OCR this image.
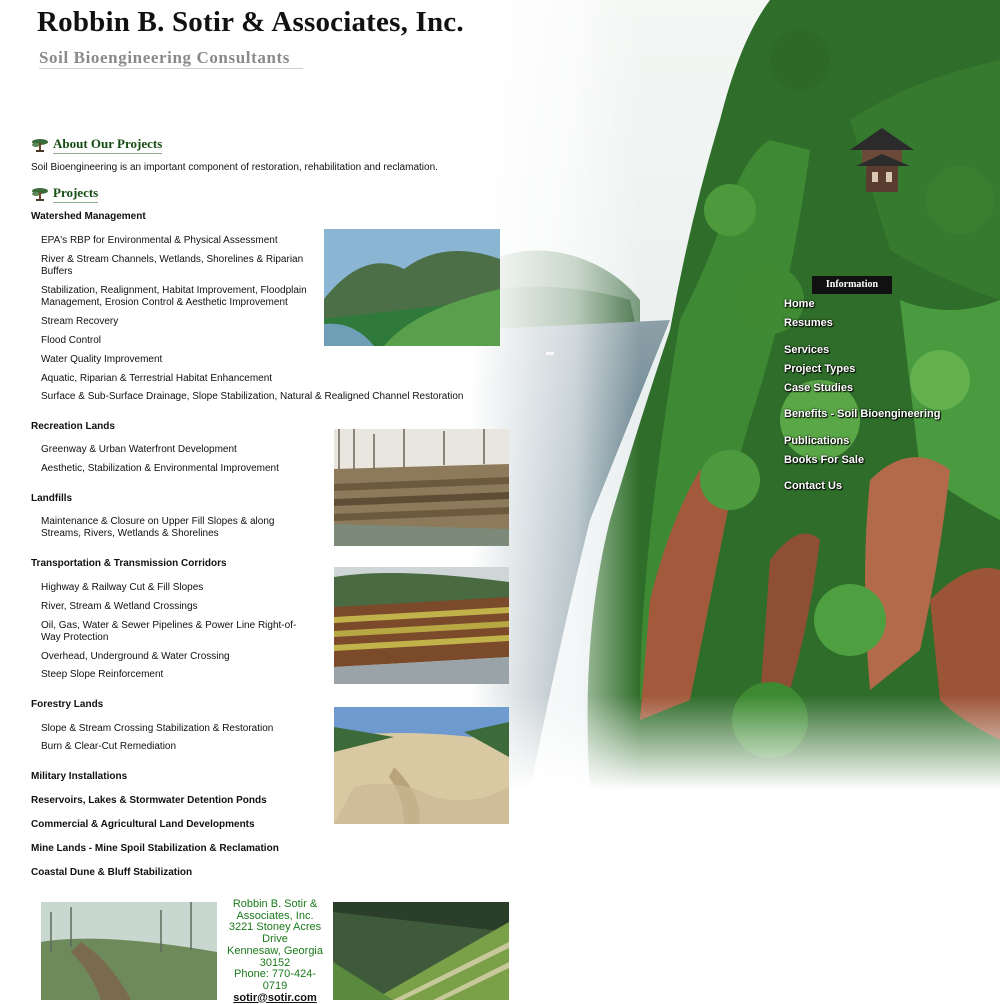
Robbin B. Sotir & Associates, Inc.

Soil Bioengineering Consultants

Information
Home
Resumes
Services
Project Types
Case Studies
Benefits - Soil Bioengineering
Publications
Books For Sale
Contact Us
About Our Projects
Soil Bioengineering is an important component of restoration, rehabilitation and reclamation.
Projects
Watershed Management
EPA's RBP for Environmental & Physical Assessment
River & Stream Channels, Wetlands, Shorelines & Riparian Buffers
Stabilization, Realignment, Habitat Improvement, Floodplain Management, Erosion Control & Aesthetic Improvement
Stream Recovery
Flood Control
Water Quality Improvement
Aquatic, Riparian & Terrestrial Habitat Enhancement
Surface & Sub-Surface Drainage, Slope Stabilization, Natural & Realigned Channel Restoration
Recreation Lands
Greenway & Urban Waterfront Development
Aesthetic, Stabilization & Environmental Improvement
Landfills
Maintenance & Closure on Upper Fill Slopes & along Streams, Rivers, Wetlands & Shorelines
Transportation & Transmission Corridors
Highway & Railway Cut & Fill Slopes
River, Stream & Wetland Crossings
Oil, Gas, Water & Sewer Pipelines & Power Line Right-of-Way Protection
Overhead, Underground & Water Crossing
Steep Slope Reinforcement
Forestry Lands
Slope & Stream Crossing Stabilization & Restoration
Burn & Clear-Cut Remediation
Military Installations
Reservoirs, Lakes & Stormwater Detention Ponds
Commercial & Agricultural Land Developments
Mine Lands - Mine Spoil Stabilization & Reclamation
Coastal Dune & Bluff Stabilization
Robbin B. Sotir & Associates, Inc.
3221 Stoney Acres Drive
Kennesaw, Georgia 30152
Phone: 770-424-0719
sotir@sotir.com
